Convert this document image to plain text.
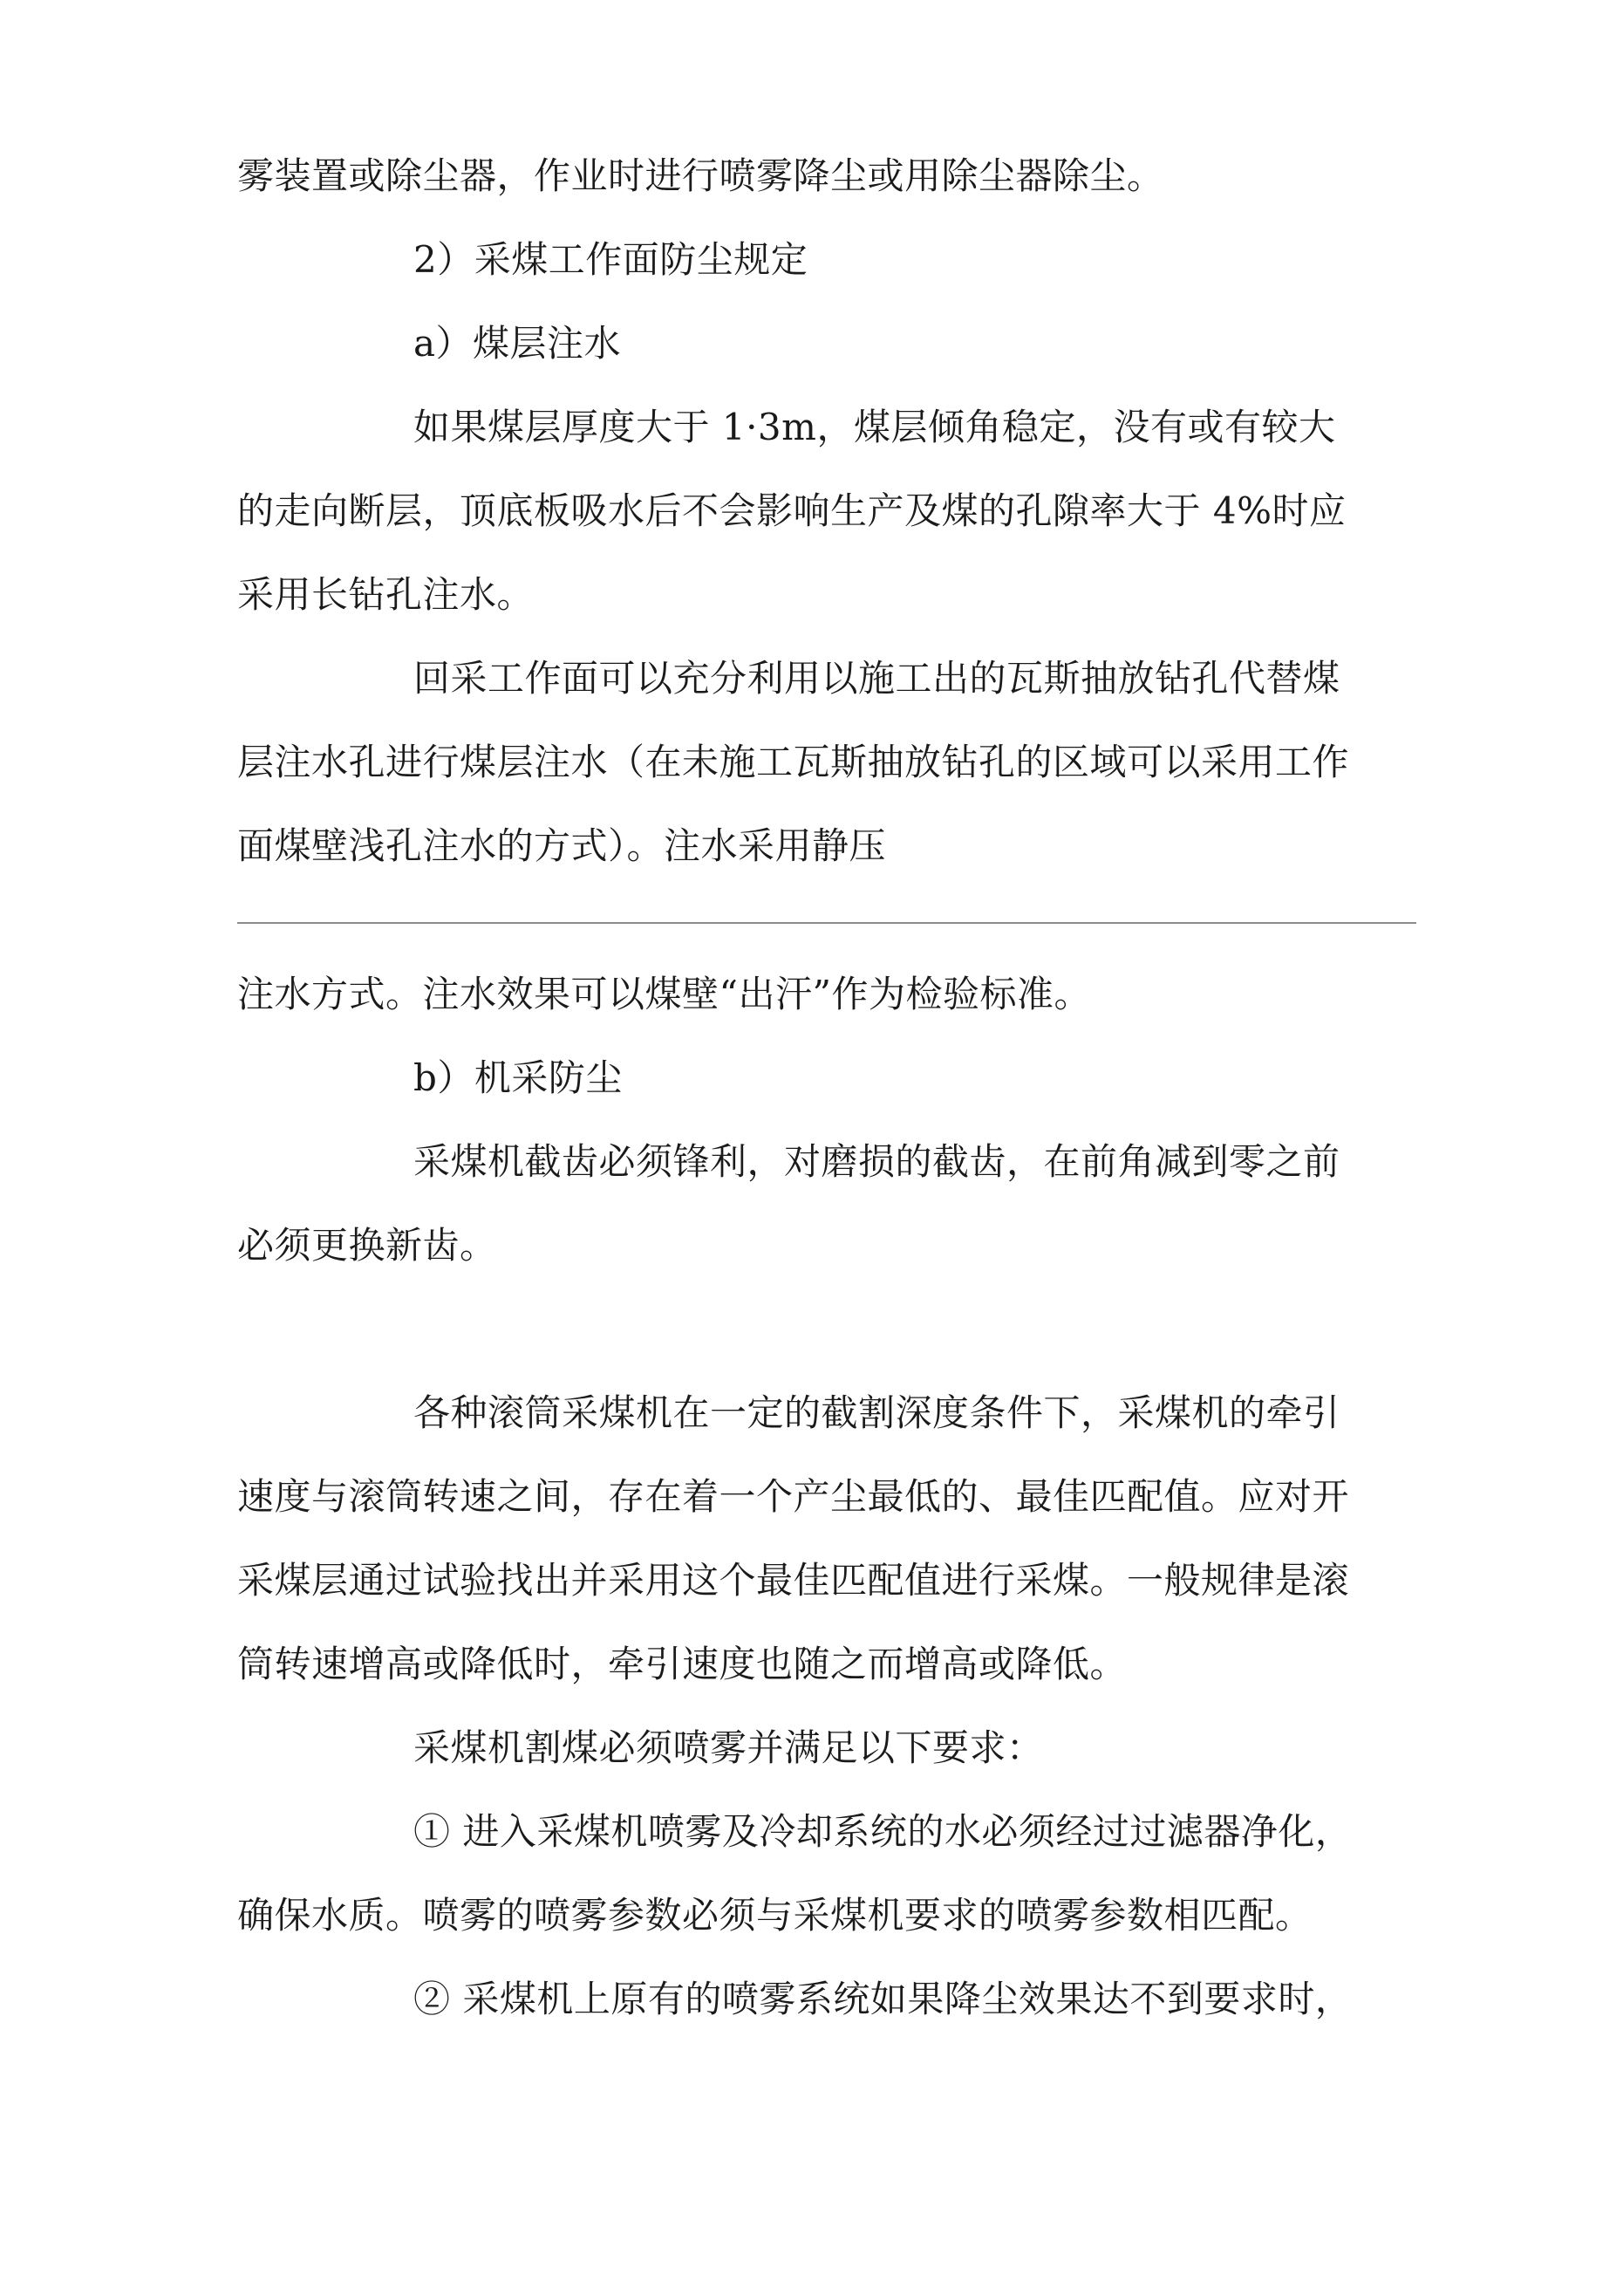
雾装置或除尘器，作业时进行喷雾降尘或用除尘器除尘。
2）采煤工作面防尘规定
a）煤层注水
如果煤层厚度大于 1·3m，煤层倾角稳定，没有或有较大
的走向断层，顶底板吸水后不会影响生产及煤的孔隙率大于 4%时应
采用长钻孔注水。
回采工作面可以充分利用以施工出的瓦斯抽放钻孔代替煤
层注水孔进行煤层注水（在未施工瓦斯抽放钻孔的区域可以采用工作
面煤壁浅孔注水的方式）。注水采用静压
注水方式。注水效果可以煤壁“出汗”作为检验标准。
b）机采防尘
采煤机截齿必须锋利，对磨损的截齿，在前角减到零之前
必须更换新齿。
各种滚筒采煤机在一定的截割深度条件下，采煤机的牵引
速度与滚筒转速之间，存在着一个产尘最低的、最佳匹配值。应对开
采煤层通过试验找出并采用这个最佳匹配值进行采煤。一般规律是滚
筒转速增高或降低时，牵引速度也随之而增高或降低。
采煤机割煤必须喷雾并满足以下要求：
① 进入采煤机喷雾及冷却系统的水必须经过过滤器净化，
确保水质。喷雾的喷雾参数必须与采煤机要求的喷雾参数相匹配。
② 采煤机上原有的喷雾系统如果降尘效果达不到要求时，
